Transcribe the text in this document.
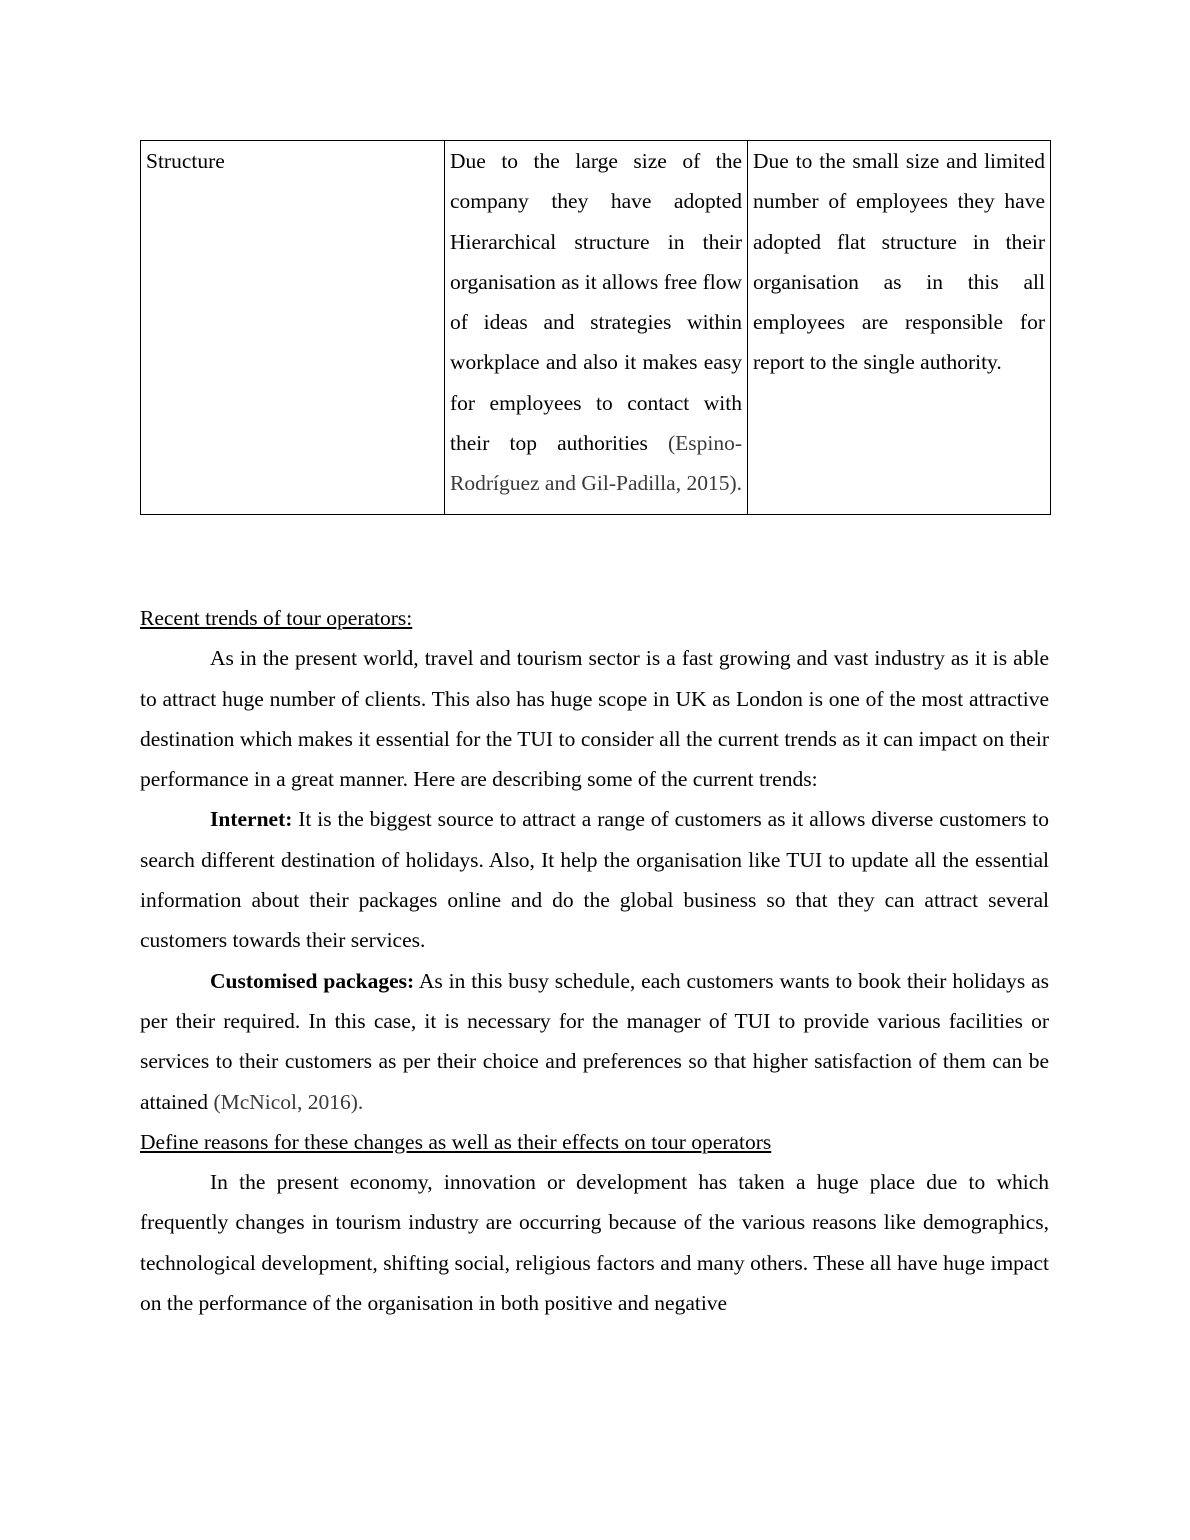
Structure	Due to the large size of the company they have adopted Hierarchical structure in their organisation as it allows free flow of ideas and strategies within workplace and also it makes easy for employees to contact with their top authorities (Espino-Rodríguez and Gil-Padilla, 2015).	Due to the small size and limited number of employees they have adopted flat structure in their organisation as in this all employees are responsible for report to the single authority.

Recent trends of tour operators:

As in the present world, travel and tourism sector is a fast growing and vast industry as it is able to attract huge number of clients. This also has huge scope in UK as London is one of the most attractive destination which makes it essential for the TUI to consider all the current trends as it can impact on their performance in a great manner. Here are describing some of the current trends:

Internet: It is the biggest source to attract a range of customers as it allows diverse customers to search different destination of holidays. Also, It help the organisation like TUI to update all the essential information about their packages online and do the global business so that they can attract several customers towards their services.

Customised packages: As in this busy schedule, each customers wants to book their holidays as per their required. In this case, it is necessary for the manager of TUI to provide various facilities or services to their customers as per their choice and preferences so that higher satisfaction of them can be attained (McNicol, 2016).

Define reasons for these changes as well as their effects on tour operators

In the present economy, innovation or development has taken a huge place due to which frequently changes in tourism industry are occurring because of the various reasons like demographics, technological development, shifting social, religious factors and many others. These all have huge impact on the performance of the organisation in both positive and negative
